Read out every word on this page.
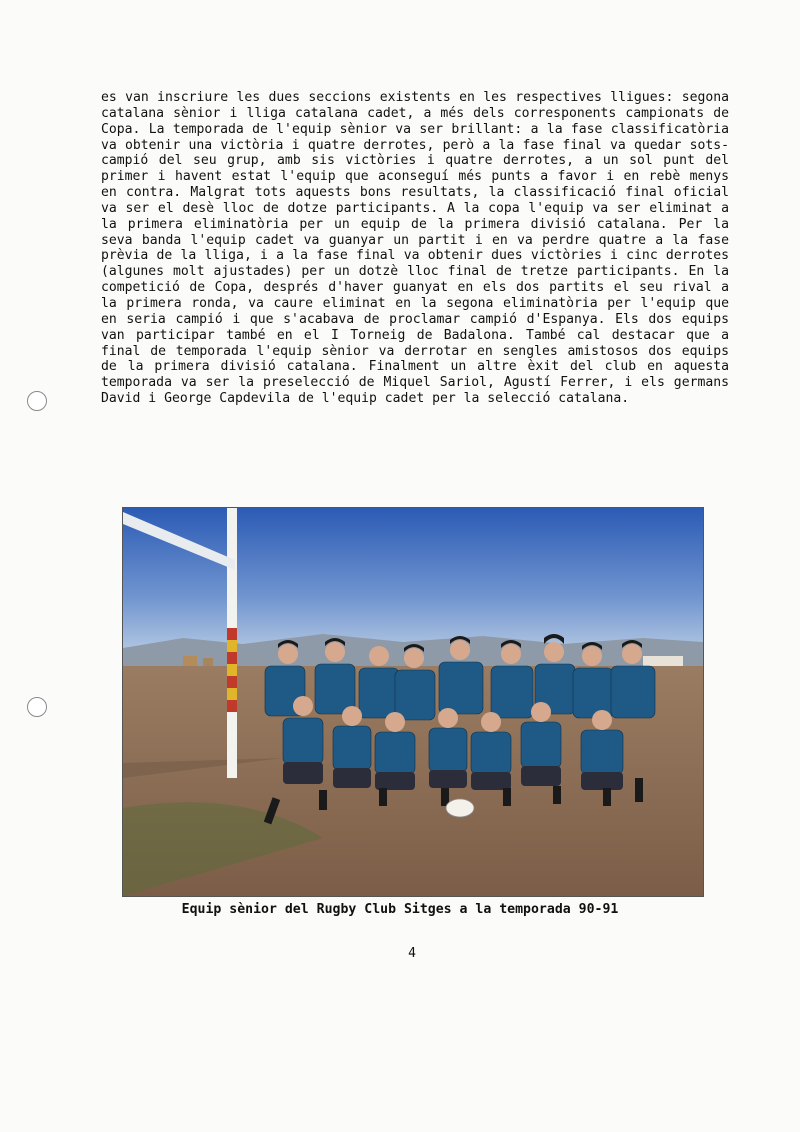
es van inscriure les dues seccions existents en les respectives lligues: segona catalana sènior i lliga catalana cadet, a més dels corresponents campionats de Copa. La temporada de l'equip sènior va ser brillant: a la fase classificatòria va obtenir una victòria i quatre derrotes, però a la fase final va quedar sots-campió del seu grup, amb sis victòries i quatre derrotes, a un sol punt del primer i havent estat l'equip que aconseguí més punts a favor i en rebè menys en contra. Malgrat tots aquests bons resultats, la classificació final oficial va ser el desè lloc de dotze participants. A la copa l'equip va ser eliminat a la primera eliminatòria per un equip de la primera divisió catalana. Per la seva banda l'equip cadet va guanyar un partit i en va perdre quatre a la fase prèvia de la lliga, i a la fase final va obtenir dues victòries i cinc derrotes (algunes molt ajustades) per un dotzè lloc final de tretze participants. En la competició de Copa, després d'haver guanyat en els dos partits el seu rival a la primera ronda, va caure eliminat en la segona eliminatòria per l'equip que en seria campió i que s'acabava de proclamar campió d'Espanya. Els dos equips van participar també en el I Torneig de Badalona. També cal destacar que a final de temporada l'equip sènior va derrotar en sengles amistosos dos equips de la primera divisió catalana. Finalment un altre èxit del club en aquesta temporada va ser la preselecció de Miquel Sariol, Agustí Ferrer, i els germans David i George Capdevila de l'equip cadet per la selecció catalana.
Equip sènior del Rugby Club Sitges a la temporada 90-91
4
